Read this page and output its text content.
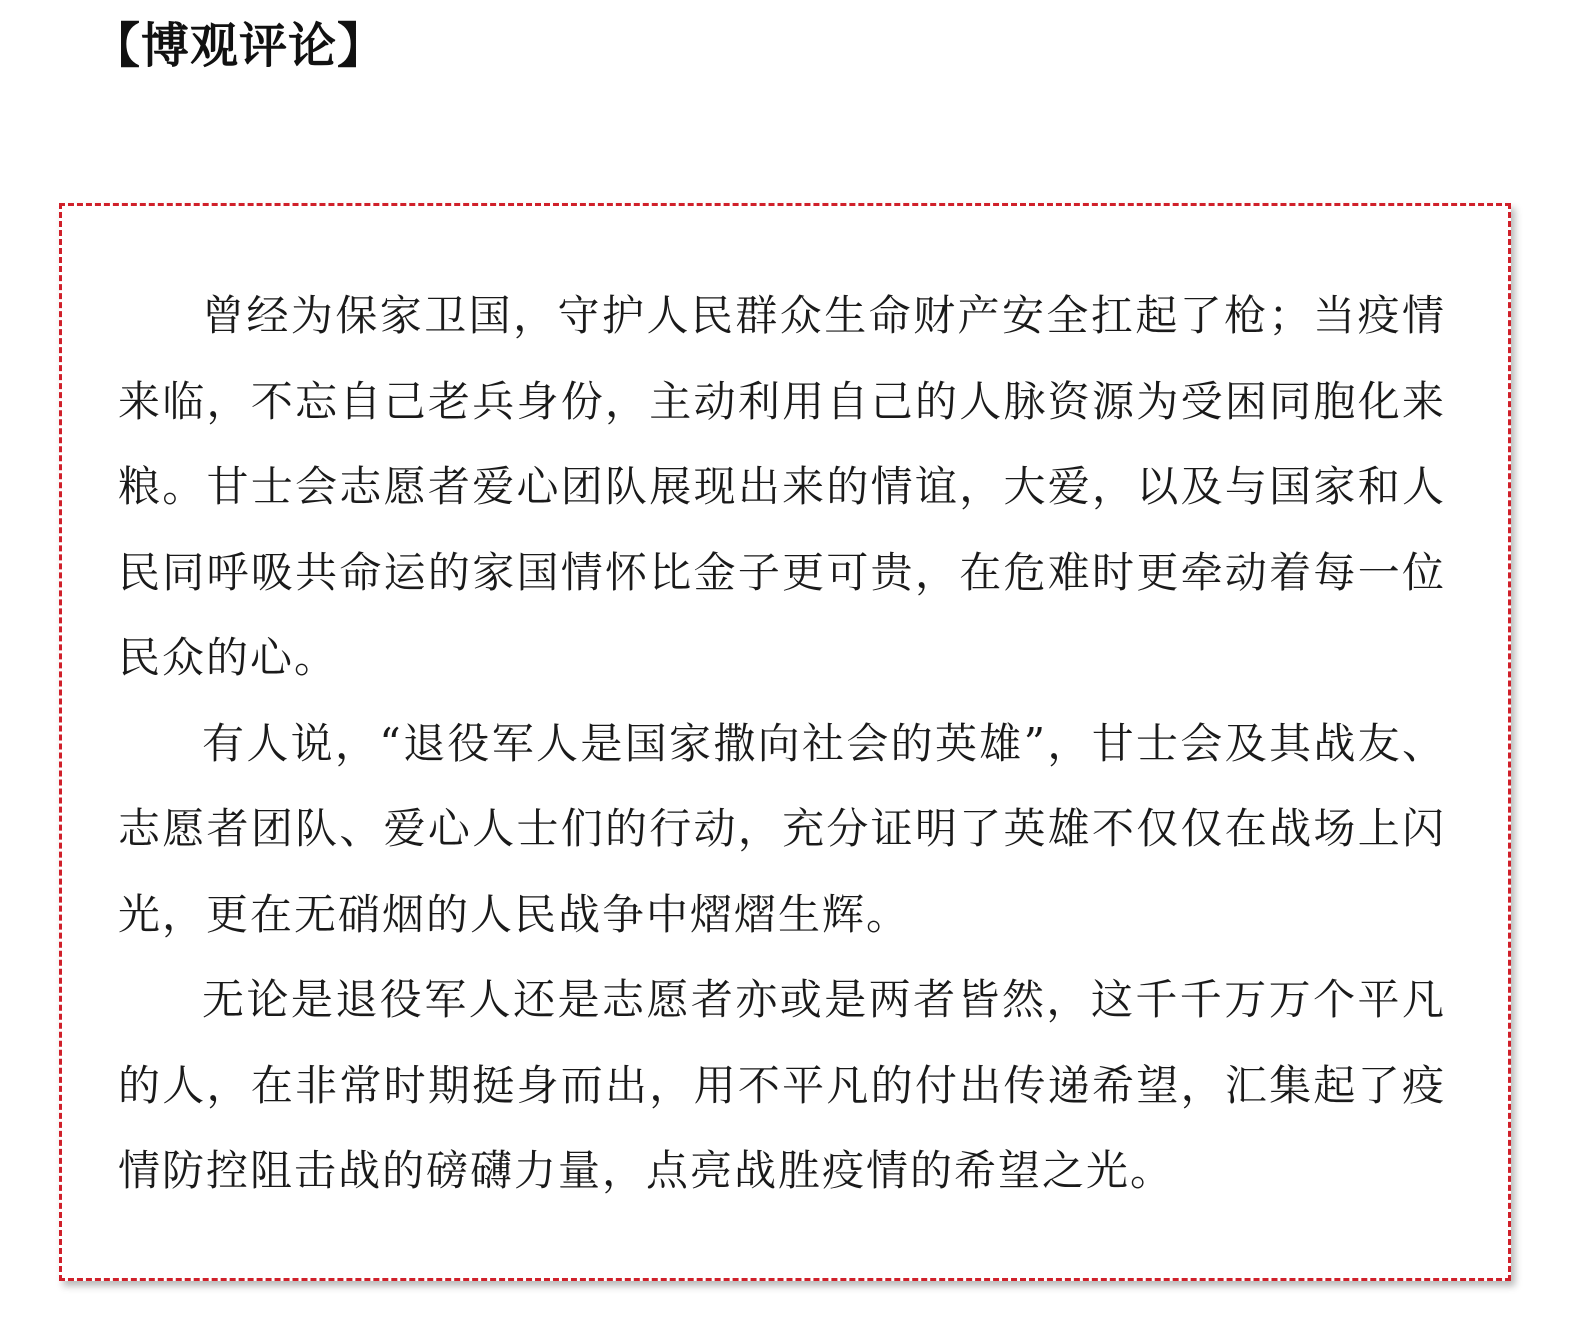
【博观评论】

曾经为保家卫国，守护人民群众生命财产安全扛起了枪；当疫情来临，不忘自己老兵身份，主动利用自己的人脉资源为受困同胞化来粮。甘士会志愿者爱心团队展现出来的情谊，大爱，以及与国家和人民同呼吸共命运的家国情怀比金子更可贵，在危难时更牵动着每一位民众的心。

有人说，“退役军人是国家撒向社会的英雄”，甘士会及其战友、志愿者团队、爱心人士们的行动，充分证明了英雄不仅仅在战场上闪光，更在无硝烟的人民战争中熠熠生辉。

无论是退役军人还是志愿者亦或是两者皆然，这千千万万个平凡的人，在非常时期挺身而出，用不平凡的付出传递希望，汇集起了疫情防控阻击战的磅礴力量，点亮战胜疫情的希望之光。
